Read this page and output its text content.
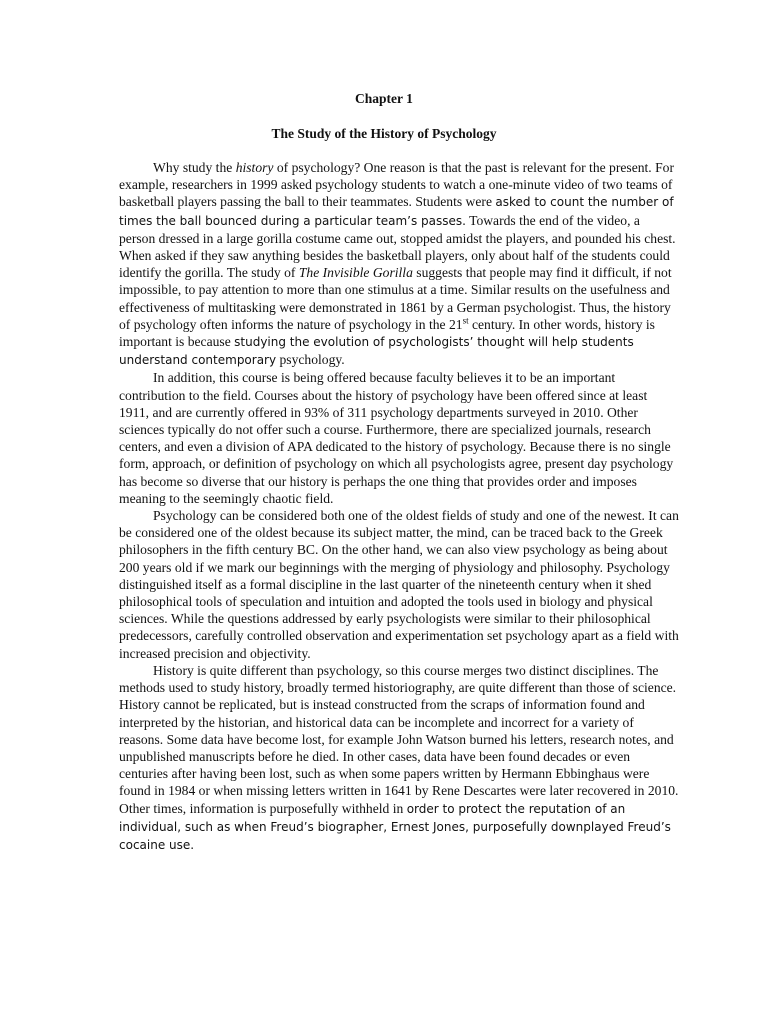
Chapter 1
The Study of the History of Psychology

Why study the history of psychology? One reason is that the past is relevant for the present. For example, researchers in 1999 asked psychology students to watch a one-minute video of two teams of basketball players passing the ball to their teammates. Students were asked to count the number of times the ball bounced during a particular team’s passes. Towards the end of the video, a person dressed in a large gorilla costume came out, stopped amidst the players, and pounded his chest. When asked if they saw anything besides the basketball players, only about half of the students could identify the gorilla. The study of The Invisible Gorilla suggests that people may find it difficult, if not impossible, to pay attention to more than one stimulus at a time. Similar results on the usefulness and effectiveness of multitasking were demonstrated in 1861 by a German psychologist. Thus, the history of psychology often informs the nature of psychology in the 21st century. In other words, history is important is because studying the evolution of psychologists’ thought will help students understand contemporary psychology.

In addition, this course is being offered because faculty believes it to be an important contribution to the field. Courses about the history of psychology have been offered since at least 1911, and are currently offered in 93% of 311 psychology departments surveyed in 2010. Other sciences typically do not offer such a course. Furthermore, there are specialized journals, research centers, and even a division of APA dedicated to the history of psychology. Because there is no single form, approach, or definition of psychology on which all psychologists agree, present day psychology has become so diverse that our history is perhaps the one thing that provides order and imposes meaning to the seemingly chaotic field.

Psychology can be considered both one of the oldest fields of study and one of the newest. It can be considered one of the oldest because its subject matter, the mind, can be traced back to the Greek philosophers in the fifth century BC. On the other hand, we can also view psychology as being about 200 years old if we mark our beginnings with the merging of physiology and philosophy. Psychology distinguished itself as a formal discipline in the last quarter of the nineteenth century when it shed philosophical tools of speculation and intuition and adopted the tools used in biology and physical sciences. While the questions addressed by early psychologists were similar to their philosophical predecessors, carefully controlled observation and experimentation set psychology apart as a field with increased precision and objectivity.

History is quite different than psychology, so this course merges two distinct disciplines. The methods used to study history, broadly termed historiography, are quite different than those of science. History cannot be replicated, but is instead constructed from the scraps of information found and interpreted by the historian, and historical data can be incomplete and incorrect for a variety of reasons. Some data have become lost, for example John Watson burned his letters, research notes, and unpublished manuscripts before he died. In other cases, data have been found decades or even centuries after having been lost, such as when some papers written by Hermann Ebbinghaus were found in 1984 or when missing letters written in 1641 by Rene Descartes were later recovered in 2010. Other times, information is purposefully withheld in order to protect the reputation of an individual, such as when Freud’s biographer, Ernest Jones, purposefully downplayed Freud’s cocaine use.
